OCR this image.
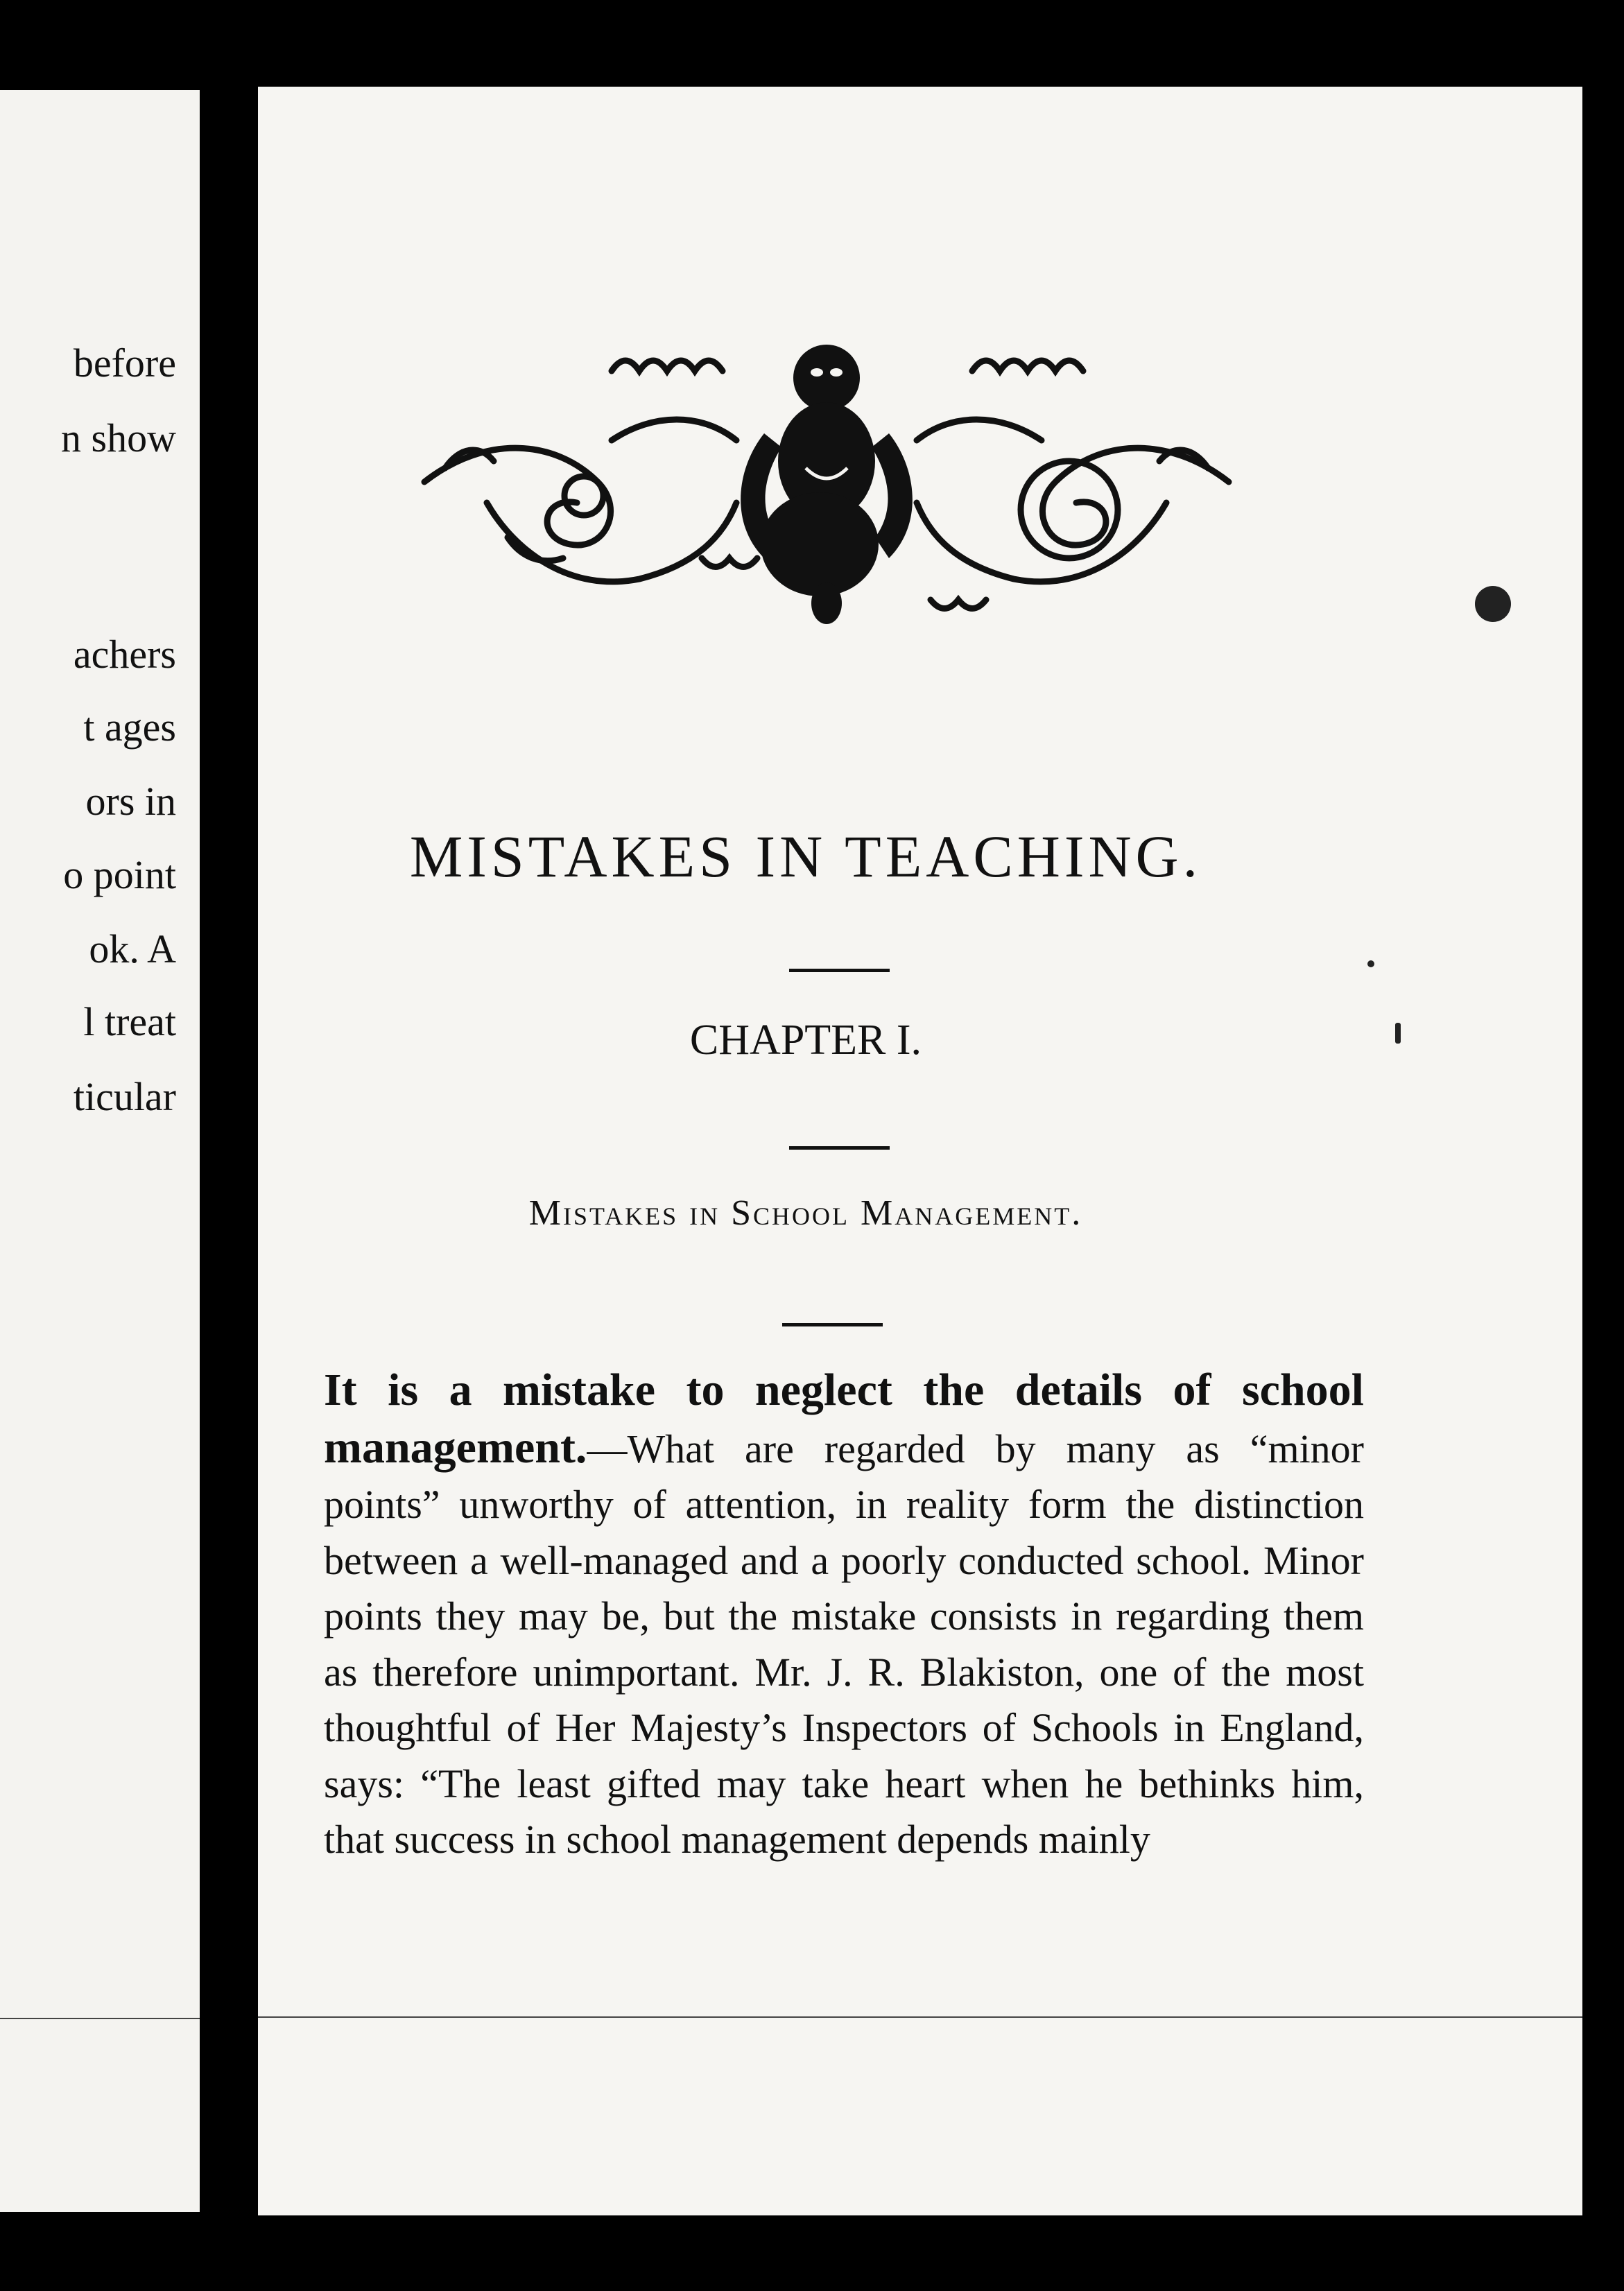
before
n show
achers
t ages
ors in
o point
ok. A
l treat
ticular
MISTAKES IN TEACHING.
CHAPTER I.
Mistakes in School Management.
It is a mistake to neglect the details of school management.—What are regarded by many as “minor points” unworthy of attention, in reality form the distinction between a well-managed and a poorly conducted school. Minor points they may be, but the mistake consists in regarding them as therefore unimportant. Mr. J. R. Blakiston, one of the most thoughtful of Her Majesty’s Inspectors of Schools in England, says: “The least gifted may take heart when he bethinks him, that success in school management depends mainly
